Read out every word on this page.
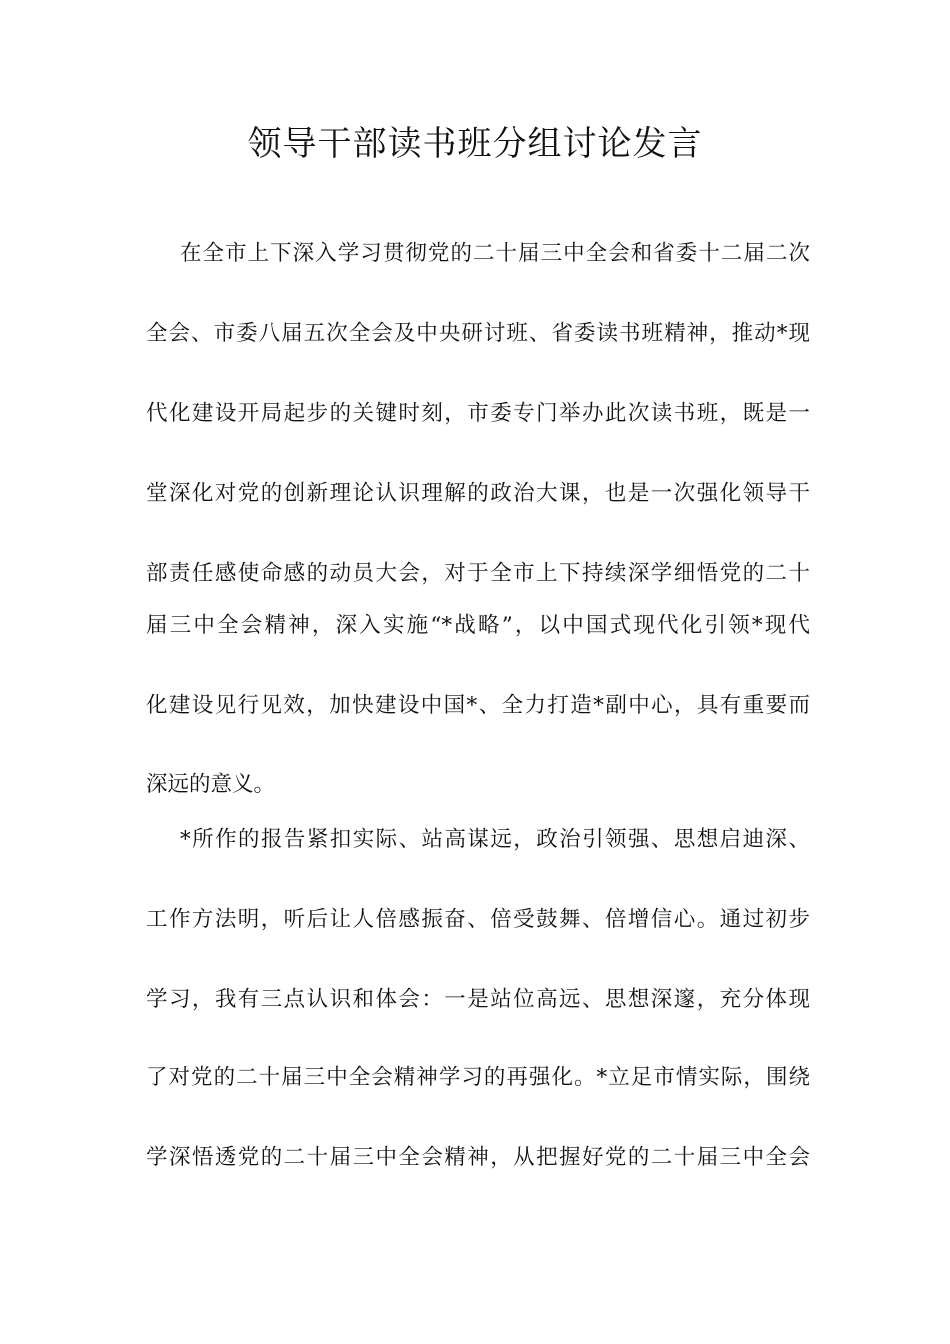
领导干部读书班分组讨论发言
在全市上下深入学习贯彻党的二十届三中全会和省委十二届二次
全会、市委八届五次全会及中央研讨班、省委读书班精神，推动*现
代化建设开局起步的关键时刻，市委专门举办此次读书班，既是一
堂深化对党的创新理论认识理解的政治大课，也是一次强化领导干
部责任感使命感的动员大会，对于全市上下持续深学细悟党的二十
届三中全会精神，深入实施“*战略”，以中国式现代化引领*现代
化建设见行见效，加快建设中国*、全力打造*副中心，具有重要而
深远的意义。
*所作的报告紧扣实际、站高谋远，政治引领强、思想启迪深、
工作方法明，听后让人倍感振奋、倍受鼓舞、倍增信心。通过初步
学习，我有三点认识和体会：一是站位高远、思想深邃，充分体现
了对党的二十届三中全会精神学习的再强化。*立足市情实际，围绕
学深悟透党的二十届三中全会精神，从把握好党的二十届三中全会
